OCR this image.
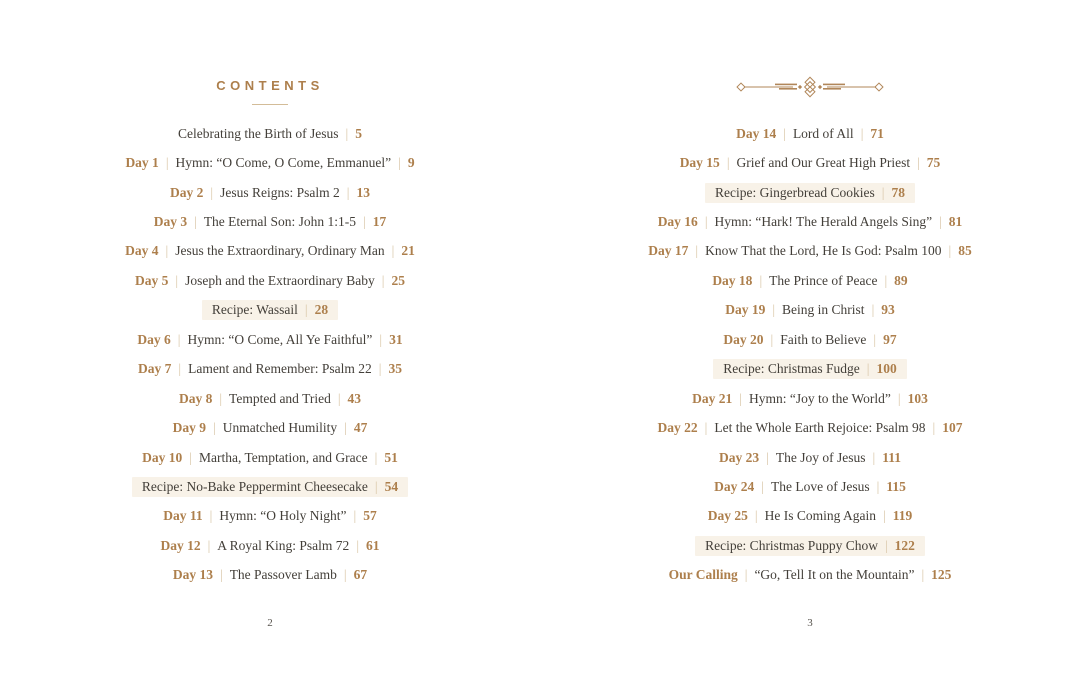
CONTENTS
Celebrating the Birth of Jesus | 5
Day 1 | Hymn: “O Come, O Come, Emmanuel” | 9
Day 2 | Jesus Reigns: Psalm 2 | 13
Day 3 | The Eternal Son: John 1:1-5 | 17
Day 4 | Jesus the Extraordinary, Ordinary Man | 21
Day 5 | Joseph and the Extraordinary Baby | 25
Recipe: Wassail | 28
Day 6 | Hymn: “O Come, All Ye Faithful” | 31
Day 7 | Lament and Remember: Psalm 22 | 35
Day 8 | Tempted and Tried | 43
Day 9 | Unmatched Humility | 47
Day 10 | Martha, Temptation, and Grace | 51
Recipe: No-Bake Peppermint Cheesecake | 54
Day 11 | Hymn: “O Holy Night” | 57
Day 12 | A Royal King: Psalm 72 | 61
Day 13 | The Passover Lamb | 67
2
Day 14 | Lord of All | 71
Day 15 | Grief and Our Great High Priest | 75
Recipe: Gingerbread Cookies | 78
Day 16 | Hymn: “Hark! The Herald Angels Sing” | 81
Day 17 | Know That the Lord, He Is God: Psalm 100 | 85
Day 18 | The Prince of Peace | 89
Day 19 | Being in Christ | 93
Day 20 | Faith to Believe | 97
Recipe: Christmas Fudge | 100
Day 21 | Hymn: “Joy to the World” | 103
Day 22 | Let the Whole Earth Rejoice: Psalm 98 | 107
Day 23 | The Joy of Jesus | 111
Day 24 | The Love of Jesus | 115
Day 25 | He Is Coming Again | 119
Recipe: Christmas Puppy Chow | 122
Our Calling | “Go, Tell It on the Mountain” | 125
3
